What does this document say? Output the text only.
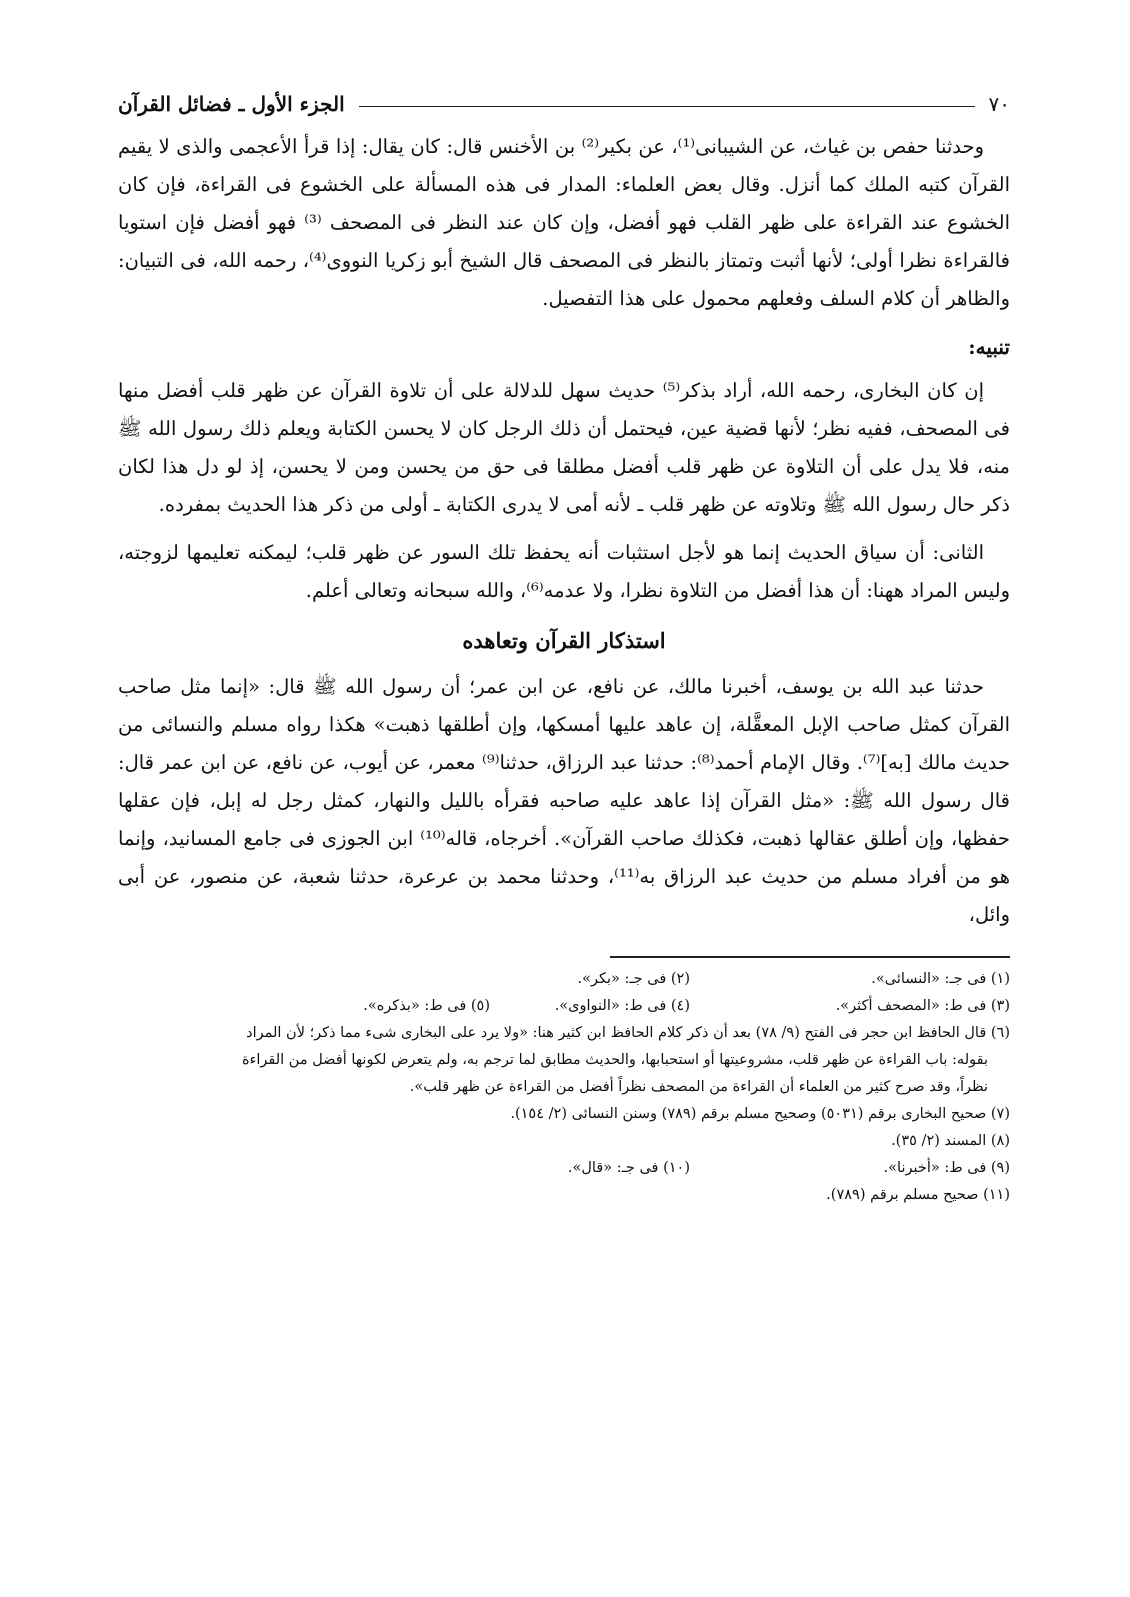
٧٠
الجزء الأول ـ فضائل القرآن

وحدثنا حفص بن غياث، عن الشيبانى⁽¹⁾، عن بكير⁽²⁾ بن الأخنس قال: كان يقال: إذا قرأ الأعجمى والذى لا يقيم القرآن كتبه الملك كما أنزل. وقال بعض العلماء: المدار فى هذه المسألة على الخشوع فى القراءة، فإن كان الخشوع عند القراءة على ظهر القلب فهو أفضل، وإن كان عند النظر فى المصحف ⁽³⁾ فهو أفضل فإن استويا فالقراءة نظرا أولى؛ لأنها أثبت وتمتاز بالنظر فى المصحف قال الشيخ أبو زكريا النووى⁽⁴⁾، رحمه الله، فى التبيان: والظاهر أن كلام السلف وفعلهم محمول على هذا التفصيل.

تنبيه:

إن كان البخارى، رحمه الله، أراد بذكر⁽⁵⁾ حديث سهل للدلالة على أن تلاوة القرآن عن ظهر قلب أفضل منها فى المصحف، ففيه نظر؛ لأنها قضية عين، فيحتمل أن ذلك الرجل كان لا يحسن الكتابة ويعلم ذلك رسول الله ﷺ منه، فلا يدل على أن التلاوة عن ظهر قلب أفضل مطلقا فى حق من يحسن ومن لا يحسن، إذ لو دل هذا لكان ذكر حال رسول الله ﷺ وتلاوته عن ظهر قلب ـ لأنه أمى لا يدرى الكتابة ـ أولى من ذكر هذا الحديث بمفرده.

الثانى: أن سياق الحديث إنما هو لأجل استثبات أنه يحفظ تلك السور عن ظهر قلب؛ ليمكنه تعليمها لزوجته، وليس المراد ههنا: أن هذا أفضل من التلاوة نظرا، ولا عدمه⁽⁶⁾، والله سبحانه وتعالى أعلم.

استذكار القرآن وتعاهده

حدثنا عبد الله بن يوسف، أخبرنا مالك، عن نافع، عن ابن عمر؛ أن رسول الله ﷺ قال: «إنما مثل صاحب القرآن كمثل صاحب الإبل المعقَّلة، إن عاهد عليها أمسكها، وإن أطلقها ذهبت» هكذا رواه مسلم والنسائى من حديث مالك [به]⁽⁷⁾. وقال الإمام أحمد⁽⁸⁾: حدثنا عبد الرزاق، حدثنا⁽⁹⁾ معمر، عن أيوب، عن نافع، عن ابن عمر قال: قال رسول الله ﷺ: «مثل القرآن إذا عاهد عليه صاحبه فقرأه بالليل والنهار، كمثل رجل له إبل، فإن عقلها حفظها، وإن أطلق عقالها ذهبت، فكذلك صاحب القرآن». أخرجاه، قاله⁽¹⁰⁾ ابن الجوزى فى جامع المسانيد، وإنما هو من أفراد مسلم من حديث عبد الرزاق به⁽¹¹⁾، وحدثنا محمد بن عرعرة، حدثنا شعبة، عن منصور، عن أبى وائل،

(١) فى جـ: «النسائى».
(٢) فى جـ: «بكر».
(٣) فى ط: «المصحف أكثر».
(٤) فى ط: «النواوى».
(٥) فى ط: «بذكره».
(٦) قال الحافظ ابن حجر فى الفتح (٩/ ٧٨) بعد أن ذكر كلام الحافظ ابن كثير هنا: «ولا يرد على البخارى شىء مما ذكر؛ لأن المراد
بقوله: باب القراءة عن ظهر قلب، مشروعيتها أو استحبابها، والحديث مطابق لما ترجم به، ولم يتعرض لكونها أفضل من القراءة
نظراً، وقد صرح كثير من العلماء أن القراءة من المصحف نظراً أفضل من القراءة عن ظهر قلب».
(٧) صحيح البخارى برقم (٥٠٣١) وصحيح مسلم برقم (٧٨٩) وسنن النسائى (٢/ ١٥٤).
(٨) المسند (٢/ ٣٥).
(٩) فى ط: «أخبرنا».
(١٠) فى جـ: «قال».
(١١) صحيح مسلم برقم (٧٨٩).
